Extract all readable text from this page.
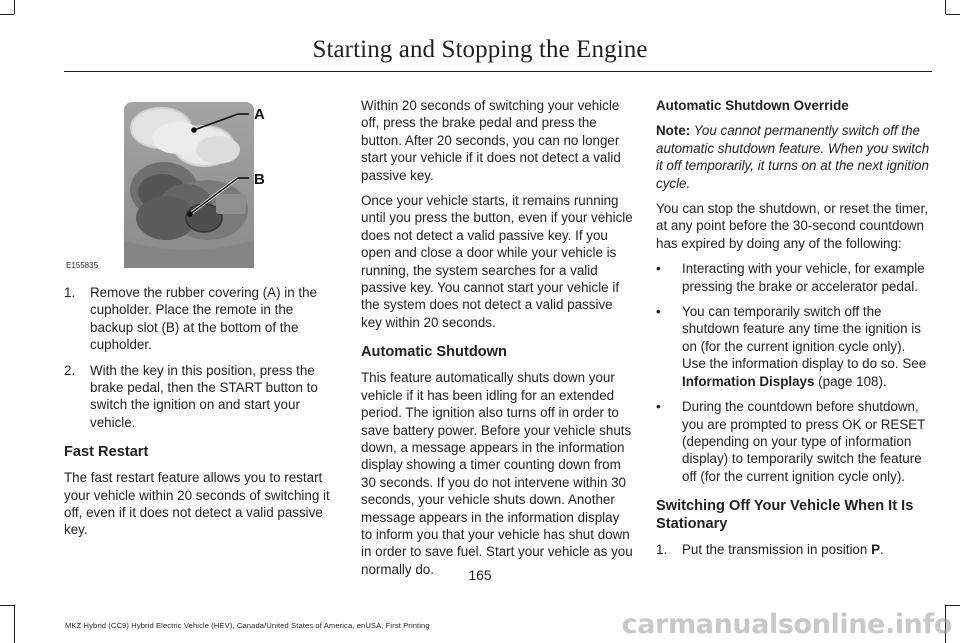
Starting and Stopping the Engine
A
B
E155835
1. Remove the rubber covering (A) in the cupholder. Place the remote in the backup slot (B) at the bottom of the cupholder.
2. With the key in this position, press the brake pedal, then the START button to switch the ignition on and start your vehicle.
Fast Restart

The fast restart feature allows you to restart your vehicle within 20 seconds of switching it off, even if it does not detect a valid passive key.

Within 20 seconds of switching your vehicle off, press the brake pedal and press the button. After 20 seconds, you can no longer start your vehicle if it does not detect a valid passive key.

Once your vehicle starts, it remains running until you press the button, even if your vehicle does not detect a valid passive key. If you open and close a door while your vehicle is running, the system searches for a valid passive key. You cannot start your vehicle if the system does not detect a valid passive key within 20 seconds.

Automatic Shutdown

This feature automatically shuts down your vehicle if it has been idling for an extended period. The ignition also turns off in order to save battery power. Before your vehicle shuts down, a message appears in the information display showing a timer counting down from 30 seconds. If you do not intervene within 30 seconds, your vehicle shuts down. Another message appears in the information display to inform you that your vehicle has shut down in order to save fuel. Start your vehicle as you normally do.

Automatic Shutdown Override

Note: You cannot permanently switch off the automatic shutdown feature. When you switch it off temporarily, it turns on at the next ignition cycle.

You can stop the shutdown, or reset the timer, at any point before the 30-second countdown has expired by doing any of the following:

• Interacting with your vehicle, for example pressing the brake or accelerator pedal.
• You can temporarily switch off the shutdown feature any time the ignition is on (for the current ignition cycle only). Use the information display to do so. See Information Displays (page 108).
• During the countdown before shutdown, you are prompted to press OK or RESET (depending on your type of information display) to temporarily switch the feature off (for the current ignition cycle only).
Switching Off Your Vehicle When It Is Stationary
1. Put the transmission in position P.
165
MKZ Hybrid (CC9) Hybrid Electric Vehicle (HEV), Canada/United States of America, enUSA, First Printing	carmanualsonline.info
